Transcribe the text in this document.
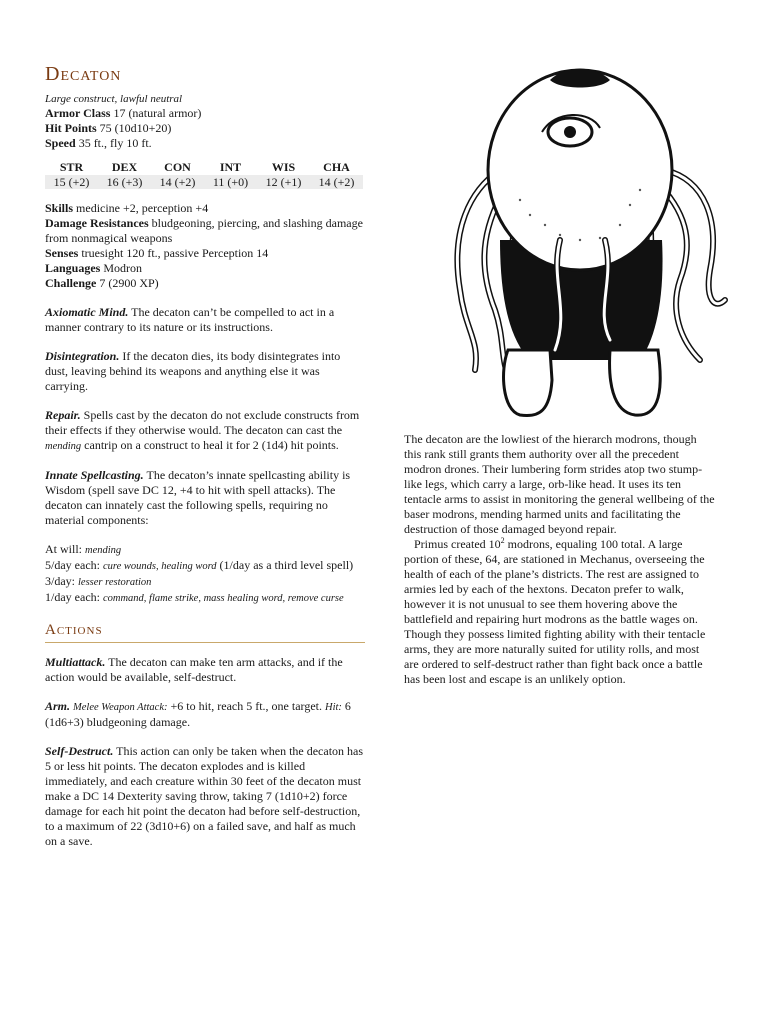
Decaton
Large construct, lawful neutral
Armor Class 17 (natural armor)
Hit Points 75 (10d10+20)
Speed 35 ft., fly 10 ft.
STR
15 (+2)
DEX
16 (+3)
CON
14 (+2)
INT
11 (+0)
WIS
12 (+1)
CHA
14 (+2)
Skills medicine +2, perception +4
Damage Resistances bludgeoning, piercing, and slashing damage from nonmagical weapons
Senses truesight 120 ft., passive Perception 14
Languages Modron
Challenge 7 (2900 XP)
Axiomatic Mind. The decaton can’t be compelled to act in a manner contrary to its nature or its instructions.
Disintegration. If the decaton dies, its body disintegrates into dust, leaving behind its weapons and anything else it was carrying.
Repair. Spells cast by the decaton do not exclude constructs from their effects if they otherwise would. The decaton can cast the mending cantrip on a construct to heal it for 2 (1d4) hit points.
Innate Spellcasting. The decaton’s innate spellcasting ability is Wisdom (spell save DC 12, +4 to hit with spell attacks). The decaton can innately cast the following spells, requiring no material components:
At will: mending
5/day each: cure wounds, healing word (1/day as a third level spell)
3/day: lesser restoration
1/day each: command, flame strike, mass healing word, remove curse
Actions
Multiattack. The decaton can make ten arm attacks, and if the action would be available, self-destruct.
Arm. Melee Weapon Attack: +6 to hit, reach 5 ft., one target. Hit: 6 (1d6+3) bludgeoning damage.
Self-Destruct. This action can only be taken when the decaton has 5 or less hit points. The decaton explodes and is killed immediately, and each creature within 30 feet of the decaton must make a DC 14 Dexterity saving throw, taking 7 (1d10+2) force damage for each hit point the decaton had before self-destruction, to a maximum of 22 (3d10+6) on a failed save, and half as much on a save.

The decaton are the lowliest of the hierarch modrons, though this rank still grants them authority over all the precedent modron drones. Their lumbering form strides atop two stump-like legs, which carry a large, orb-like head. It uses its ten tentacle arms to assist in monitoring the general wellbeing of the baser modrons, mending harmed units and facilitating the destruction of those damaged beyond repair.

Primus created $10^2$ modrons, equaling 100 total. A large portion of these, 64, are stationed in Mechanus, overseeing the health of each of the plane’s districts. The rest are assigned to armies led by each of the hextons. Decaton prefer to walk, however it is not unusual to see them hovering above the battlefield and repairing hurt modrons as the battle wages on. Though they possess limited fighting ability with their tentacle arms, they are more naturally suited for utility rolls, and most are ordered to self-destruct rather than fight back once a battle has been lost and escape is an unlikely option.
